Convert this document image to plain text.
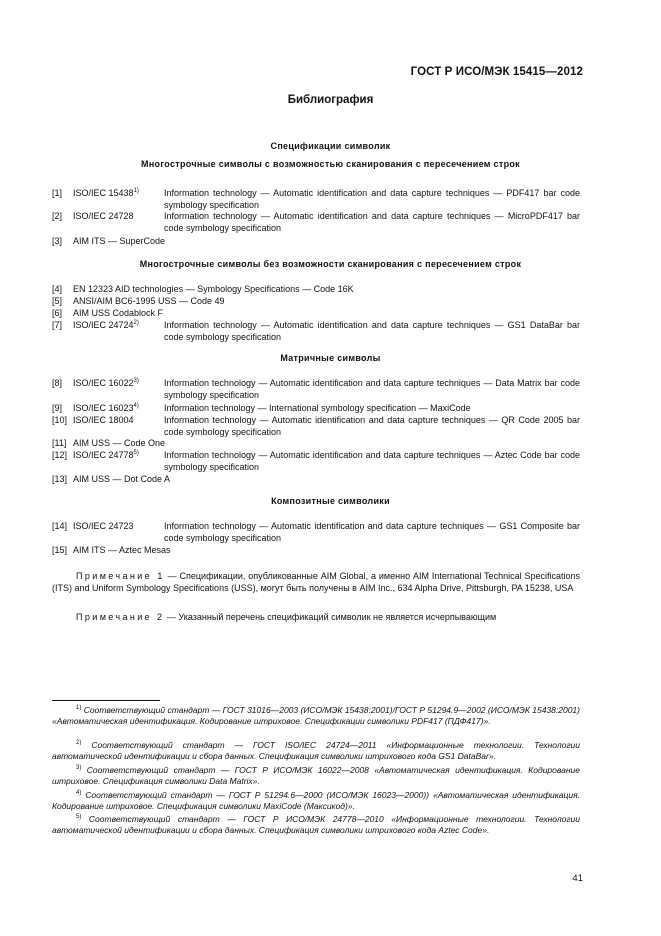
ГОСТ Р ИСО/МЭК 15415—2012
Библиография
Спецификации символик
Многострочные символы с возможностью сканирования с пересечением строк
[1]	ISO/IEC 15438$^{1)}$	Information technology — Automatic identification and data capture techniques — PDF417 bar code symbology specification
[2]	ISO/IEC 24728	Information technology — Automatic identification and data capture techniques — MicroPDF417 bar code symbology specification
[3]	AIM ITS — SuperCode
Многострочные символы без возможности сканирования с пересечением строк
[4]	EN 12323 AID technologies — Symbology Specifications — Code 16K
[5]	ANSI/AIM BC6-1995 USS — Code 49
[6]	AIM USS Codablock F
[7]	ISO/IEC 24724$^{2)}$	Information technology — Automatic identification and data capture techniques — GS1 DataBar bar code symbology specification
Матричные символы
[8]	ISO/IEC 16022$^{3)}$	Information technology — Automatic identification and data capture techniques — Data Matrix bar code symbology specification
[9]	ISO/IEC 16023$^{4)}$	Information technology — International symbology specification — MaxiCode
[10] ISO/IEC 18004	Information technology — Automatic identification and data capture techniques — QR Code 2005 bar code symbology specification
[11] AIM USS — Code One
[12] ISO/IEC 24778$^{5)}$	Information technology — Automatic identification and data capture techniques — Aztec Code bar code symbology specification
[13] AIM USS — Dot Code A
Композитные символики
[14] ISO/IEC 24723	Information technology — Automatic identification and data capture techniques — GS1 Composite bar code symbology specification
[15] AIM ITS — Aztec Mesas
Примечание 1 — Спецификации, опубликованные AIM Global, а именно AIM International Technical Specifications (ITS) and Uniform Symbology Specifications (USS), могут быть получены в AIM Inc., 634 Alpha Drive, Pittsburgh, PA 15238, USA
Примечание 2 — Указанный перечень спецификаций символик не является исчерпывающим
$^{1)}$ Соответствующий стандарт — ГОСТ 31016—2003 (ИСО/МЭК 15438:2001)/ГОСТ Р 51294.9—2002 (ИСО/МЭК 15438:2001) «Автоматическая идентификация. Кодирование штриховое. Спецификации символики PDF417 (ПДФ417)».
$^{2)}$ Соответствующий стандарт — ГОСТ ISO/IEC 24724—2011 «Информационные технологии. Технологии автоматической идентификации и сбора данных. Спецификация символики штрихового кода GS1 DataBar».
$^{3)}$ Соответствующий стандарт — ГОСТ Р ИСО/МЭК 16022—2008 «Автоматическая идентификация. Кодирование штриховое. Спецификация символики Data Matrix».
$^{4)}$ Соответствующий стандарт — ГОСТ Р 51294.6—2000 (ИСО/МЭК 16023—2000)) «Автоматическая идентификация. Кодирование штриховое. Спецификация символики MaxiCode (Максикод)».
$^{5)}$ Соответствующий стандарт — ГОСТ Р ИСО/МЭК 24778—2010 «Информационные технологии. Технологии автоматической идентификации и сбора данных. Спецификация символики штрихового кода Aztec Code».
41
